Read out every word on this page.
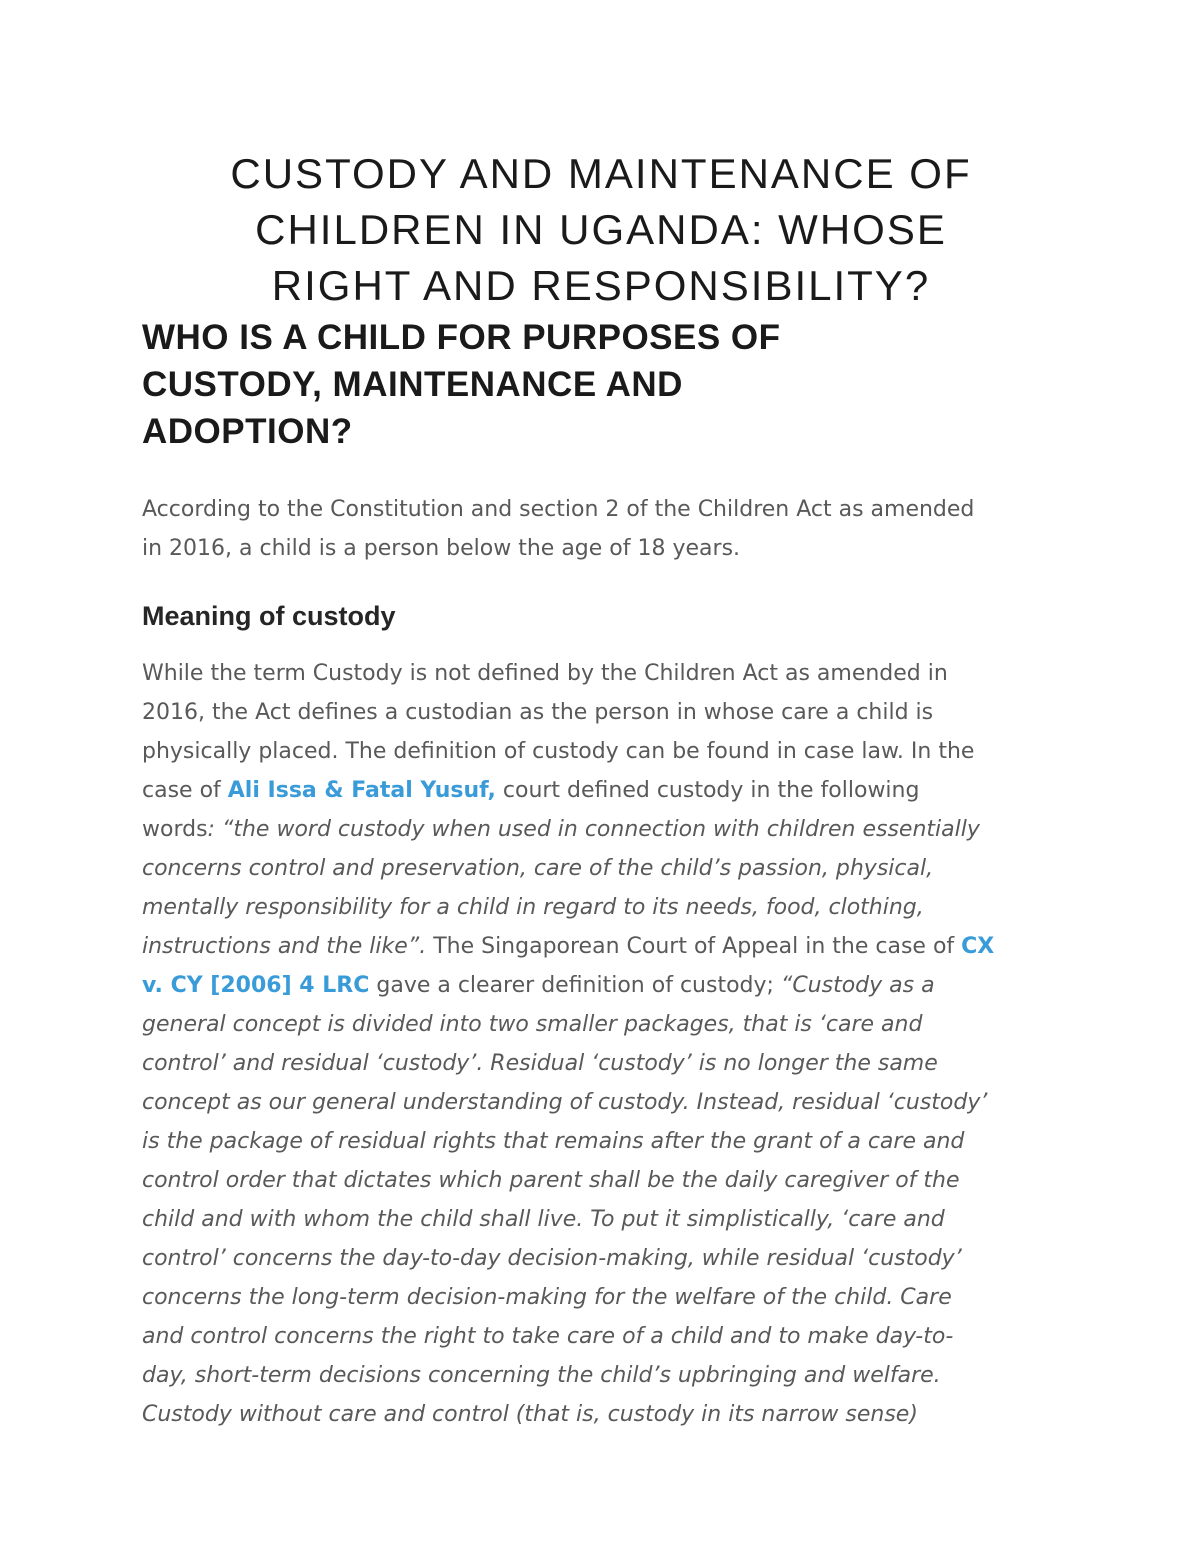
CUSTODY AND MAINTENANCE OF
CHILDREN IN UGANDA: WHOSE
RIGHT AND RESPONSIBILITY?
WHO IS A CHILD FOR PURPOSES OF
CUSTODY, MAINTENANCE AND
ADOPTION?

According to the Constitution and section 2 of the Children Act as amended
in 2016, a child is a person below the age of 18 years.

Meaning of custody

While the term Custody is not defined by the Children Act as amended in
2016, the Act defines a custodian as the person in whose care a child is
physically placed. The definition of custody can be found in case law. In the
case of Ali Issa & Fatal Yusuf, court defined custody in the following
words: “the word custody when used in connection with children essentially
concerns control and preservation, care of the child’s passion, physical,
mentally responsibility for a child in regard to its needs, food, clothing,
instructions and the like”. The Singaporean Court of Appeal in the case of CX
v. CY [2006] 4 LRC gave a clearer definition of custody; “Custody as a
general concept is divided into two smaller packages, that is ‘care and
control’ and residual ‘custody’. Residual ‘custody’ is no longer the same
concept as our general understanding of custody. Instead, residual ‘custody’
is the package of residual rights that remains after the grant of a care and
control order that dictates which parent shall be the daily caregiver of the
child and with whom the child shall live. To put it simplistically, ‘care and
control’ concerns the day-to-day decision-making, while residual ‘custody’
concerns the long-term decision-making for the welfare of the child. Care
and control concerns the right to take care of a child and to make day-to-
day, short-term decisions concerning the child’s upbringing and welfare.
Custody without care and control (that is, custody in its narrow sense)
